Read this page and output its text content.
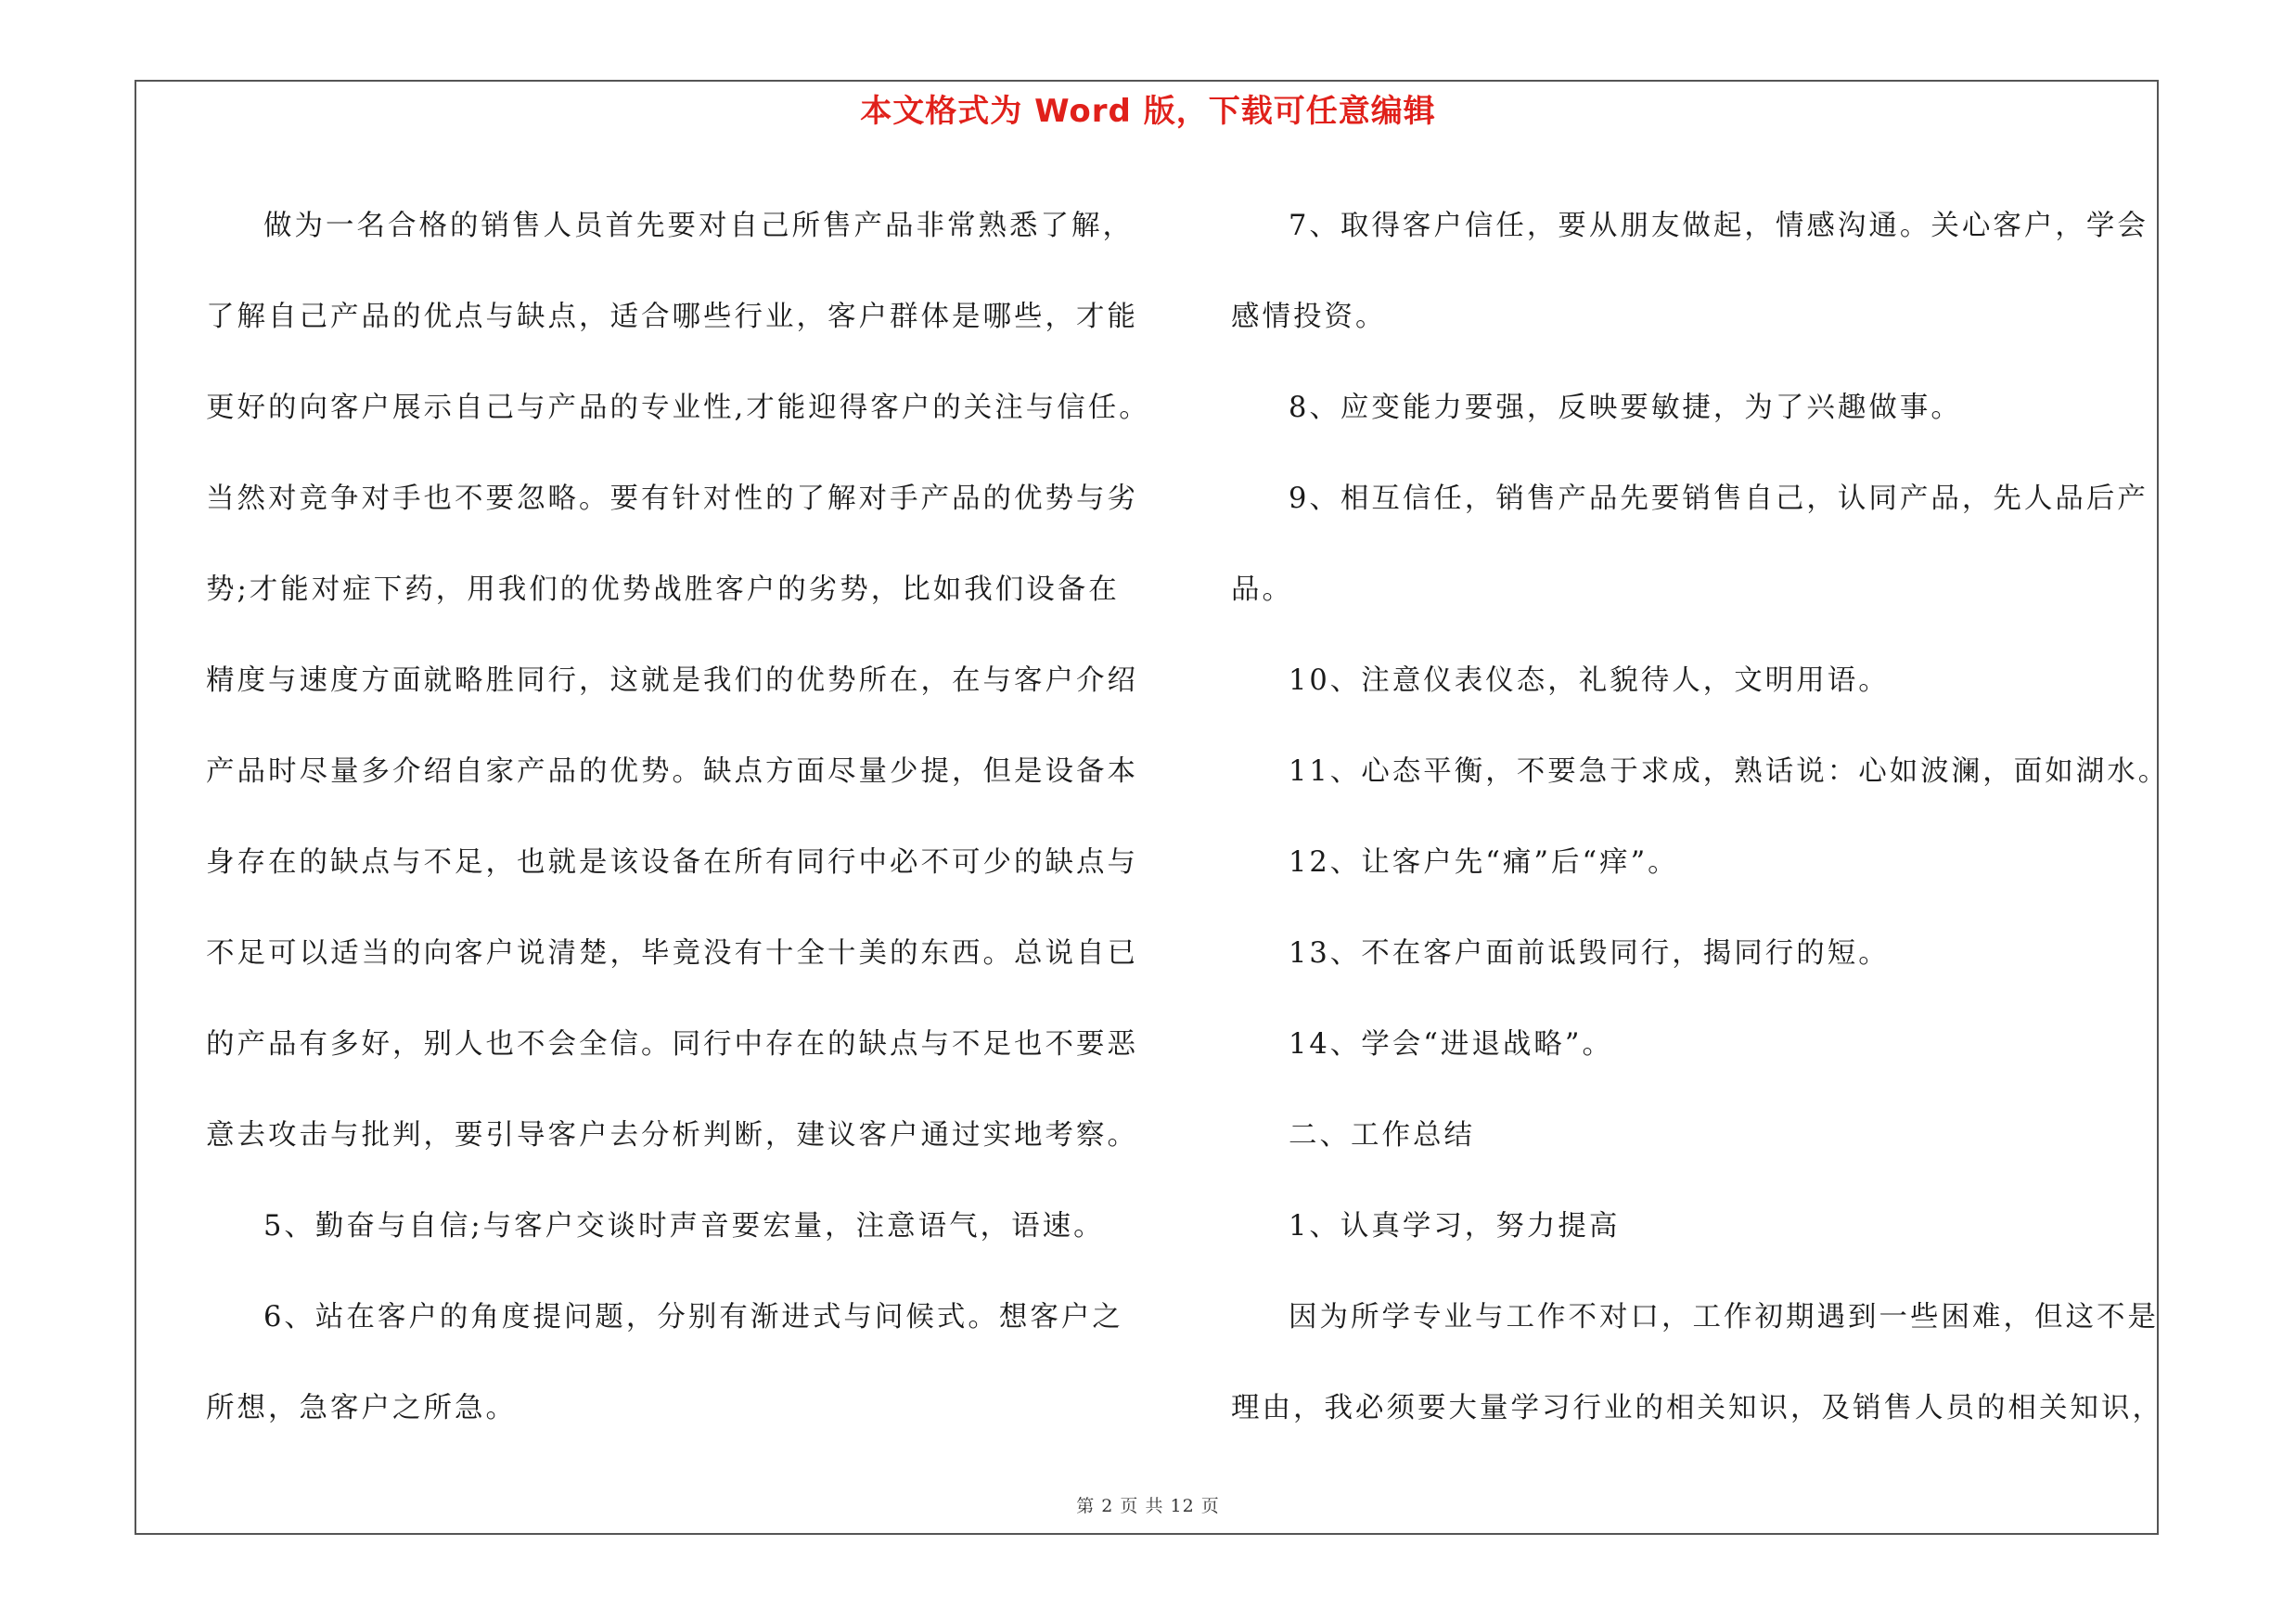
本文格式为 Word 版，下载可任意编辑
做为一名合格的销售人员首先要对自己所售产品非常熟悉了解，
了解自己产品的优点与缺点，适合哪些行业，客户群体是哪些，才能
更好的向客户展示自己与产品的专业性,才能迎得客户的关注与信任。
当然对竞争对手也不要忽略。要有针对性的了解对手产品的优势与劣
势;才能对症下药，用我们的优势战胜客户的劣势，比如我们设备在
精度与速度方面就略胜同行，这就是我们的优势所在，在与客户介绍
产品时尽量多介绍自家产品的优势。缺点方面尽量少提，但是设备本
身存在的缺点与不足，也就是该设备在所有同行中必不可少的缺点与
不足可以适当的向客户说清楚，毕竟没有十全十美的东西。总说自已
的产品有多好，别人也不会全信。同行中存在的缺点与不足也不要恶
意去攻击与批判，要引导客户去分析判断，建议客户通过实地考察。
5、勤奋与自信;与客户交谈时声音要宏量，注意语气，语速。
6、站在客户的角度提问题，分别有渐进式与问候式。想客户之
所想，急客户之所急。
7、取得客户信任，要从朋友做起，情感沟通。关心客户，学会
感情投资。
8、应变能力要强，反映要敏捷，为了兴趣做事。
9、相互信任，销售产品先要销售自己，认同产品，先人品后产
品。
10、注意仪表仪态，礼貌待人，文明用语。
11、心态平衡，不要急于求成，熟话说：心如波澜，面如湖水。
12、让客户先“痛”后“痒”。
13、不在客户面前诋毁同行，揭同行的短。
14、学会“进退战略”。
二、工作总结
1、认真学习，努力提高
因为所学专业与工作不对口，工作初期遇到一些困难，但这不是
理由，我必须要大量学习行业的相关知识，及销售人员的相关知识，
第 2 页 共 12 页
